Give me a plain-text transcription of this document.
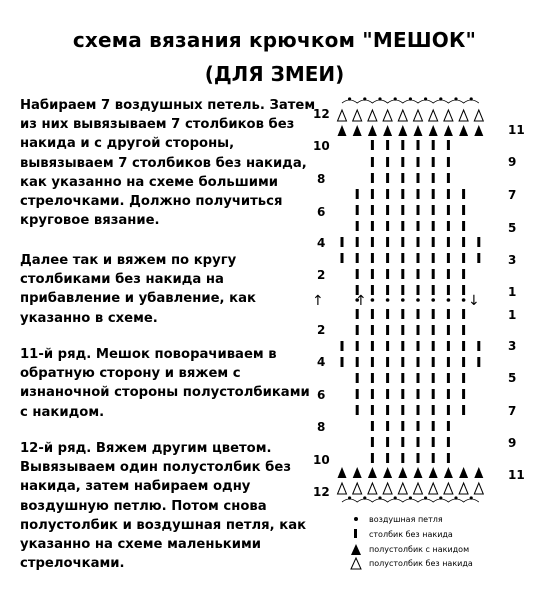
схема вязания крючком "МЕШОК"
(ДЛЯ ЗМЕИ)

Набираем 7 воздушных петель. Затем из них вывязываем 7 столбиков без накида и с другой стороны, вывязываем 7 столбиков без накида, как указанно на схеме большими стрелочками. Должно получиться круговое вязание.

Далее так и вяжем по кругу столбиками без накида на прибавление и убавление, как указанно в схеме.

11-й ряд. Мешок поворачиваем в обратную сторону и вяжем с изнаночной стороны полустолбиками с накидом.

12-й ряд. Вяжем другим цветом. Вывязываем один полустолбик без накида, затем набираем одну воздушную петлю. Потом снова полустолбик и воздушная петля, как указанно на схеме маленькими стрелочками.

12
10
8
6
4
2
2
4
6
8
10
12
11
9
7
5
3
1
1
3
5
7
9
11
↑ ↑	↓
воздушная петля
столбик без накида
полустолбик с накидом
полустолбик без накида
